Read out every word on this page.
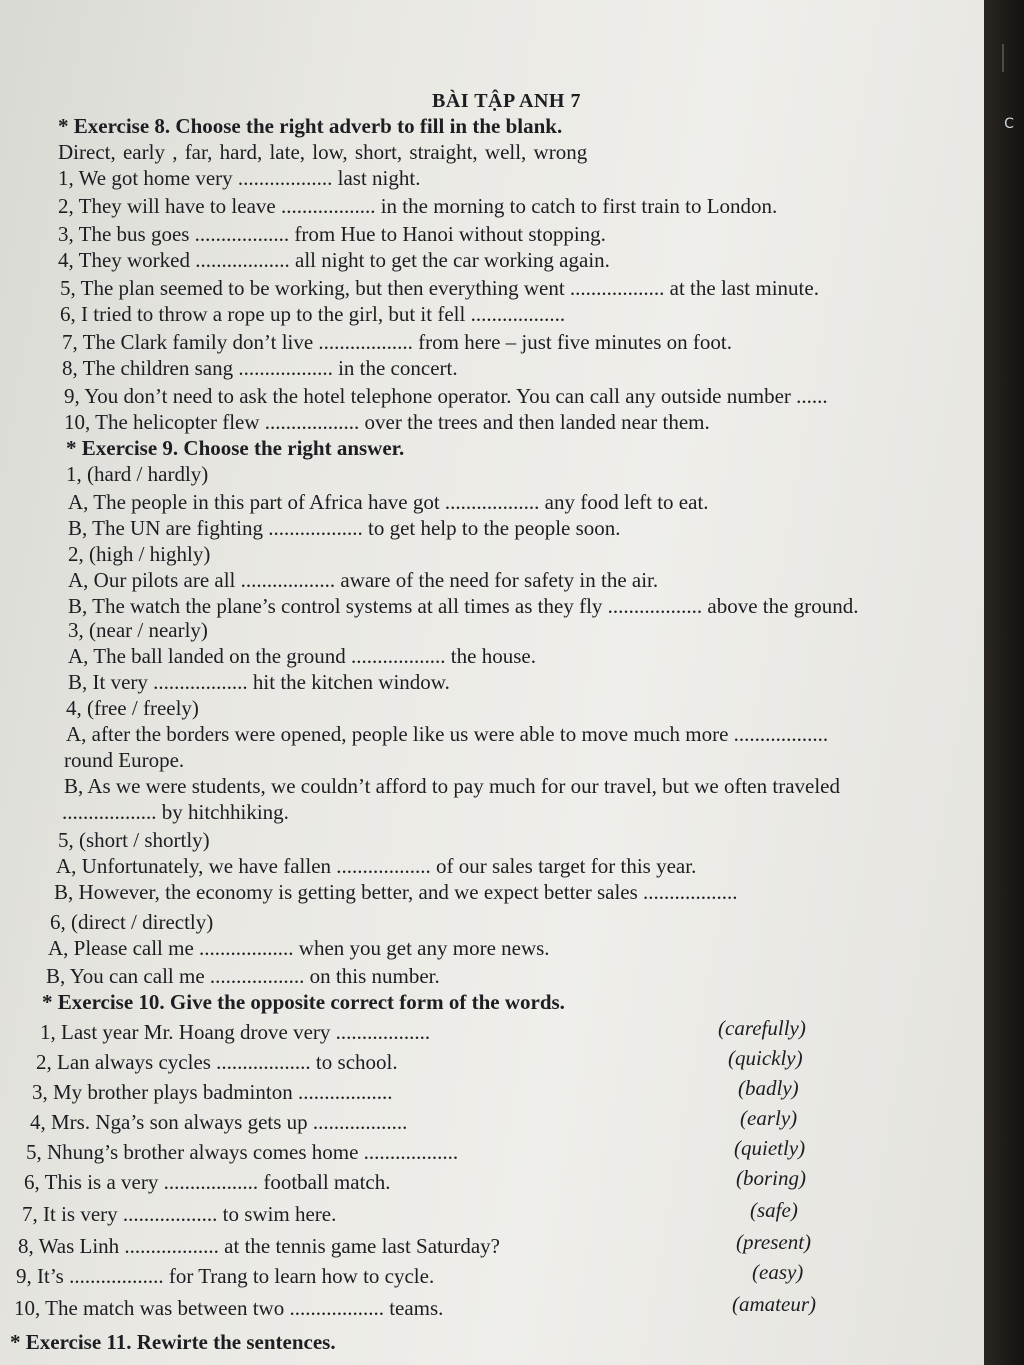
C
BÀI TẬP ANH 7
* Exercise 8. Choose the right adverb to fill in the blank.
Direct, early , far, hard, late, low, short, straight, well, wrong
1, We got home very .................. last night.
2, They will have to leave .................. in the morning to catch to first train to London.
3, The bus goes .................. from Hue to Hanoi without stopping.
4, They worked .................. all night to get the car working again.
5, The plan seemed to be working, but then everything went .................. at the last minute.
6, I tried to throw a rope up to the girl, but it fell ..................
7, The Clark family don’t live .................. from here – just five minutes on foot.
8, The children sang .................. in the concert.
9, You don’t need to ask the hotel telephone operator. You can call any outside number ......
10, The helicopter flew .................. over the trees and then landed near them.
* Exercise 9. Choose the right answer.
1, (hard / hardly)
A, The people in this part of Africa have got .................. any food left to eat.
B, The UN are fighting .................. to get help to the people soon.
2, (high / highly)
A, Our pilots are all .................. aware of the need for safety in the air.
B, The watch the plane’s control systems at all times as they fly .................. above the ground.
3, (near / nearly)
A, The ball landed on the ground .................. the house.
B, It very .................. hit the kitchen window.
4, (free / freely)
A, after the borders were opened, people like us were able to move much more ..................
round Europe.
B, As we were students, we couldn’t afford to pay much for our travel, but we often traveled
.................. by hitchhiking.
5, (short / shortly)
A, Unfortunately, we have fallen .................. of our sales target for this year.
B, However, the economy is getting better, and we expect better sales ..................
6, (direct / directly)
A, Please call me .................. when you get any more news.
B, You can call me .................. on this number.
* Exercise 10. Give the opposite correct form of the words.
1, Last year Mr. Hoang drove very ..................	(carefully)
2, Lan always cycles .................. to school.	(quickly)
3, My brother plays badminton ..................	(badly)
4, Mrs. Nga’s son always gets up ..................	(early)
5, Nhung’s brother always comes home ..................	(quietly)
6, This is a very .................. football match.	(boring)
7, It is very .................. to swim here.	(safe)
8, Was Linh .................. at the tennis game last Saturday?	(present)
9, It’s .................. for Trang to learn how to cycle.	(easy)
10, The match was between two .................. teams.	(amateur)
* Exercise 11. Rewirte the sentences.
